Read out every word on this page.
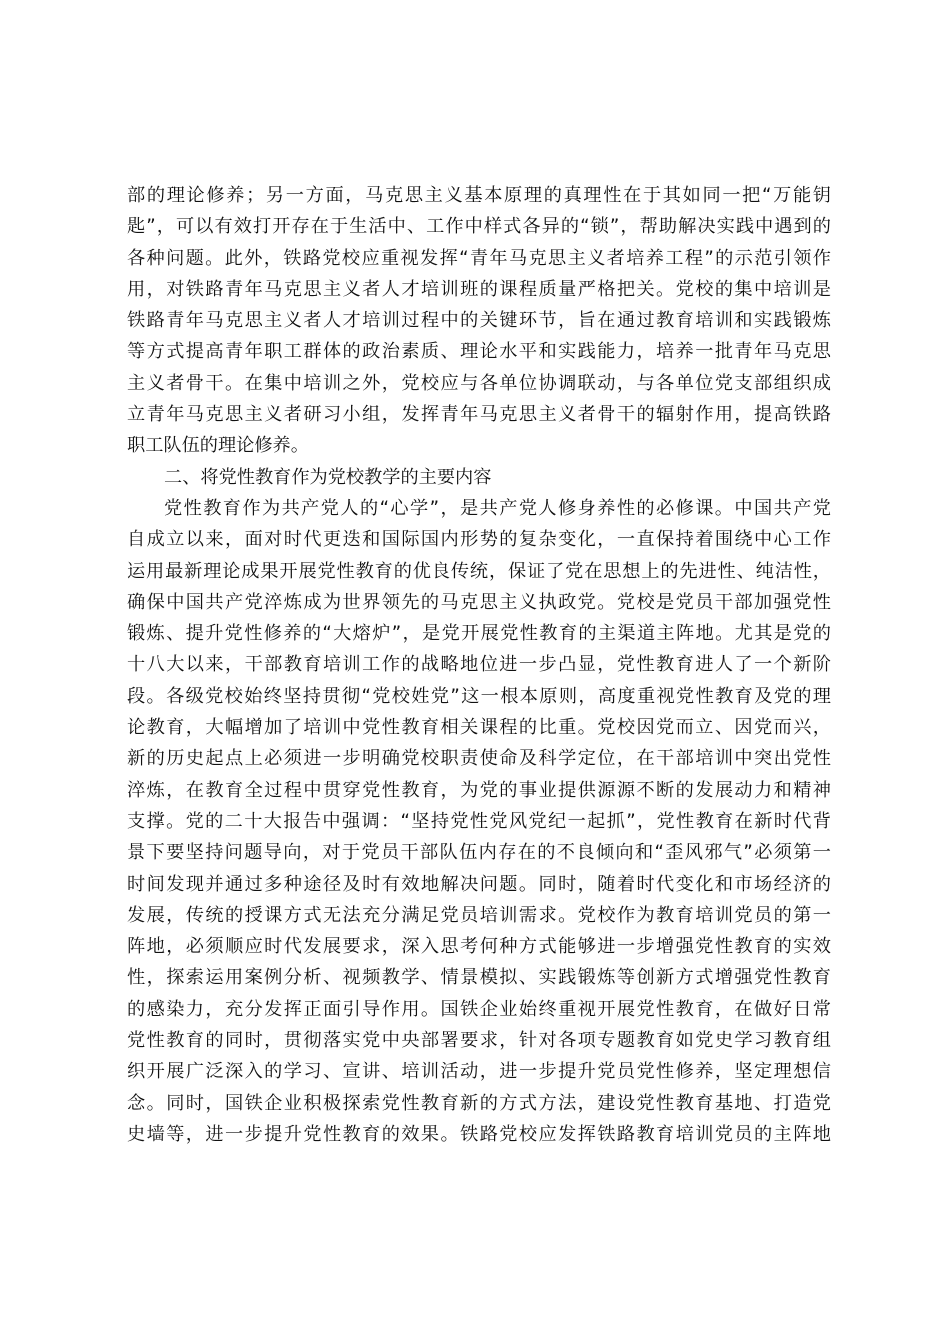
部的理论修养；另一方面，马克思主义基本原理的真理性在于其如同一把“万能钥
匙”，可以有效打开存在于生活中、工作中样式各异的“锁”，帮助解决实践中遇到的
各种问题。此外，铁路党校应重视发挥“青年马克思主义者培养工程”的示范引领作
用，对铁路青年马克思主义者人才培训班的课程质量严格把关。党校的集中培训是
铁路青年马克思主义者人才培训过程中的关键环节，旨在通过教育培训和实践锻炼
等方式提高青年职工群体的政治素质、理论水平和实践能力，培养一批青年马克思
主义者骨干。在集中培训之外，党校应与各单位协调联动，与各单位党支部组织成
立青年马克思主义者研习小组，发挥青年马克思主义者骨干的辐射作用，提高铁路
职工队伍的理论修养。
二、将党性教育作为党校教学的主要内容
党性教育作为共产党人的“心学”，是共产党人修身养性的必修课。中国共产党
自成立以来，面对时代更迭和国际国内形势的复杂变化，一直保持着围绕中心工作
运用最新理论成果开展党性教育的优良传统，保证了党在思想上的先进性、纯洁性，
确保中国共产党淬炼成为世界领先的马克思主义执政党。党校是党员干部加强党性
锻炼、提升党性修养的“大熔炉”，是党开展党性教育的主渠道主阵地。尤其是党的
十八大以来，干部教育培训工作的战略地位进一步凸显，党性教育进人了一个新阶
段。各级党校始终坚持贯彻“党校姓党”这一根本原则，高度重视党性教育及党的理
论教育，大幅增加了培训中党性教育相关课程的比重。党校因党而立、因党而兴，
新的历史起点上必须进一步明确党校职责使命及科学定位，在干部培训中突出党性
淬炼，在教育全过程中贯穿党性教育，为党的事业提供源源不断的发展动力和精神
支撑。党的二十大报告中强调：“坚持党性党风党纪一起抓”，党性教育在新时代背
景下要坚持问题导向，对于党员干部队伍内存在的不良倾向和“歪风邪气”必须第一
时间发现并通过多种途径及时有效地解决问题。同时，随着时代变化和市场经济的
发展，传统的授课方式无法充分满足党员培训需求。党校作为教育培训党员的第一
阵地，必须顺应时代发展要求，深入思考何种方式能够进一步增强党性教育的实效
性，探索运用案例分析、视频教学、情景模拟、实践锻炼等创新方式增强党性教育
的感染力，充分发挥正面引导作用。国铁企业始终重视开展党性教育，在做好日常
党性教育的同时，贯彻落实党中央部署要求，针对各项专题教育如党史学习教育组
织开展广泛深入的学习、宣讲、培训活动，进一步提升党员党性修养，坚定理想信
念。同时，国铁企业积极探索党性教育新的方式方法，建设党性教育基地、打造党
史墙等，进一步提升党性教育的效果。铁路党校应发挥铁路教育培训党员的主阵地
